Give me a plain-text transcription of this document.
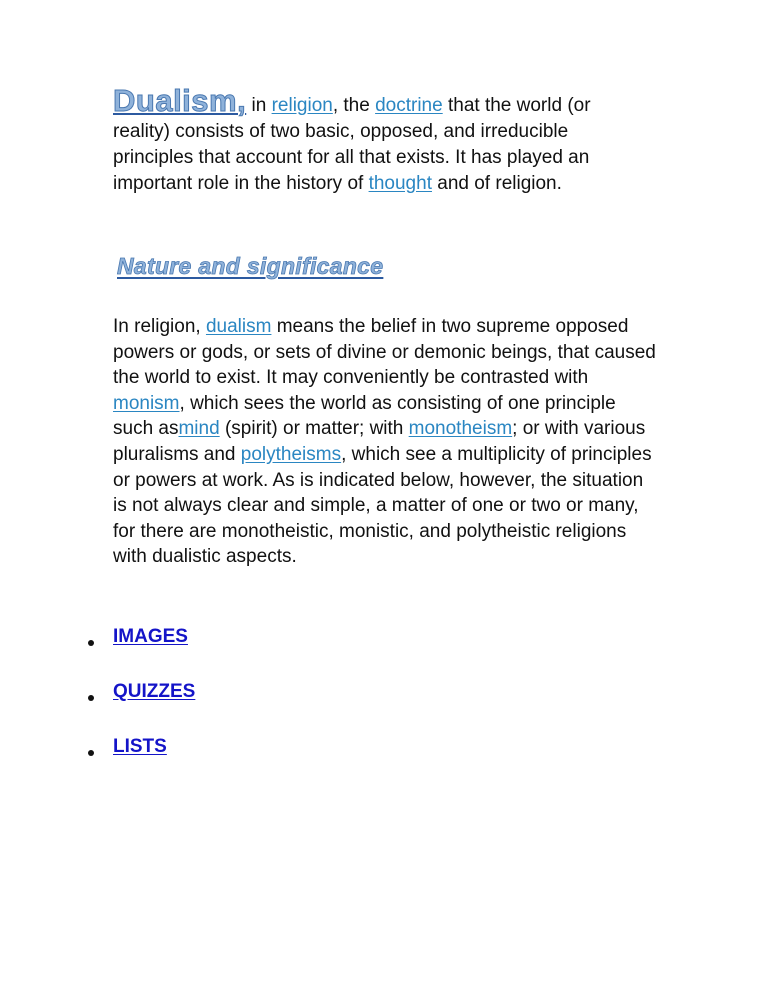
Dualism, in religion, the doctrine that the world (or reality) consists of two basic, opposed, and irreducible principles that account for all that exists. It has played an important role in the history of thought and of religion.

Nature and significance

In religion, dualism means the belief in two supreme opposed powers or gods, or sets of divine or demonic beings, that caused the world to exist. It may conveniently be contrasted with monism, which sees the world as consisting of one principle such asmind (spirit) or matter; with monotheism; or with various pluralisms and polytheisms, which see a multiplicity of principles or powers at work. As is indicated below, however, the situation is not always clear and simple, a matter of one or two or many, for there are monotheistic, monistic, and polytheistic religions with dualistic aspects.

IMAGES
QUIZZES
LISTS
